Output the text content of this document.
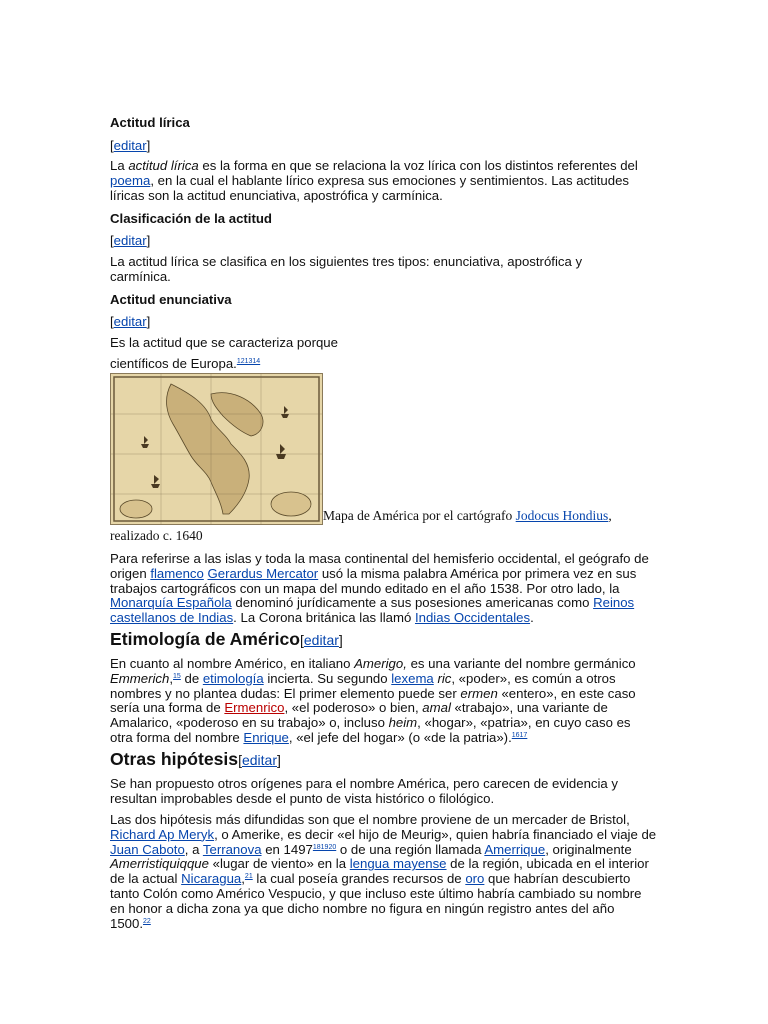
Actitud lírica
[editar]

La actitud lírica es la forma en que se relaciona la voz lírica con los distintos referentes del poema, en la cual el hablante lírico expresa sus emociones y sentimientos. Las actitudes líricas son la actitud enunciativa, apostrófica y carmínica.

Clasificación de la actitud
[editar]

La actitud lírica se clasifica en los siguientes tres tipos: enunciativa, apostrófica y carmínica.

Actitud enunciativa
[editar]

Es la actitud que se caracteriza porque

científicos de Europa.$^{121314}$

Mapa de América por el cartógrafo Jodocus Hondius,
realizado c. 1640

Para referirse a las islas y toda la masa continental del hemisferio occidental, el geógrafo de origen flamenco Gerardus Mercator usó la misma palabra América por primera vez en sus trabajos cartográficos con un mapa del mundo editado en el año 1538. Por otro lado, la Monarquía Española denominó jurídicamente a sus posesiones americanas como Reinos castellanos de Indias. La Corona británica las llamó Indias Occidentales.

Etimología de Américo[editar]

En cuanto al nombre Américo, en italiano Amerigo, es una variante del nombre germánico Emmerich,$^{15}$ de etimología incierta. Su segundo lexema ric, «poder», es común a otros nombres y no plantea dudas: El primer elemento puede ser ermen «entero», en este caso sería una forma de Ermenrico, «el poderoso» o bien, amal «trabajo», una variante de Amalarico, «poderoso en su trabajo» o, incluso heim, «hogar», «patria», en cuyo caso es otra forma del nombre Enrique, «el jefe del hogar» (o «de la patria»).$^{1617}$

Otras hipótesis[editar]

Se han propuesto otros orígenes para el nombre América, pero carecen de evidencia y resultan improbables desde el punto de vista histórico o filológico.

Las dos hipótesis más difundidas son que el nombre proviene de un mercader de Bristol, Richard Ap Meryk, o Amerike, es decir «el hijo de Meurig», quien habría financiado el viaje de Juan Caboto, a Terranova en $1497^{181920}$ o de una región llamada Amerrique, originalmente Amerristiquiqque «lugar de viento» en la lengua mayense de la región, ubicada en el interior de la actual Nicaragua,$^{21}$ la cual poseía grandes recursos de oro que habrían descubierto tanto Colón como Américo Vespucio, y que incluso este último habría cambiado su nombre en honor a dicha zona ya que dicho nombre no figura en ningún registro antes del año 1500.22
